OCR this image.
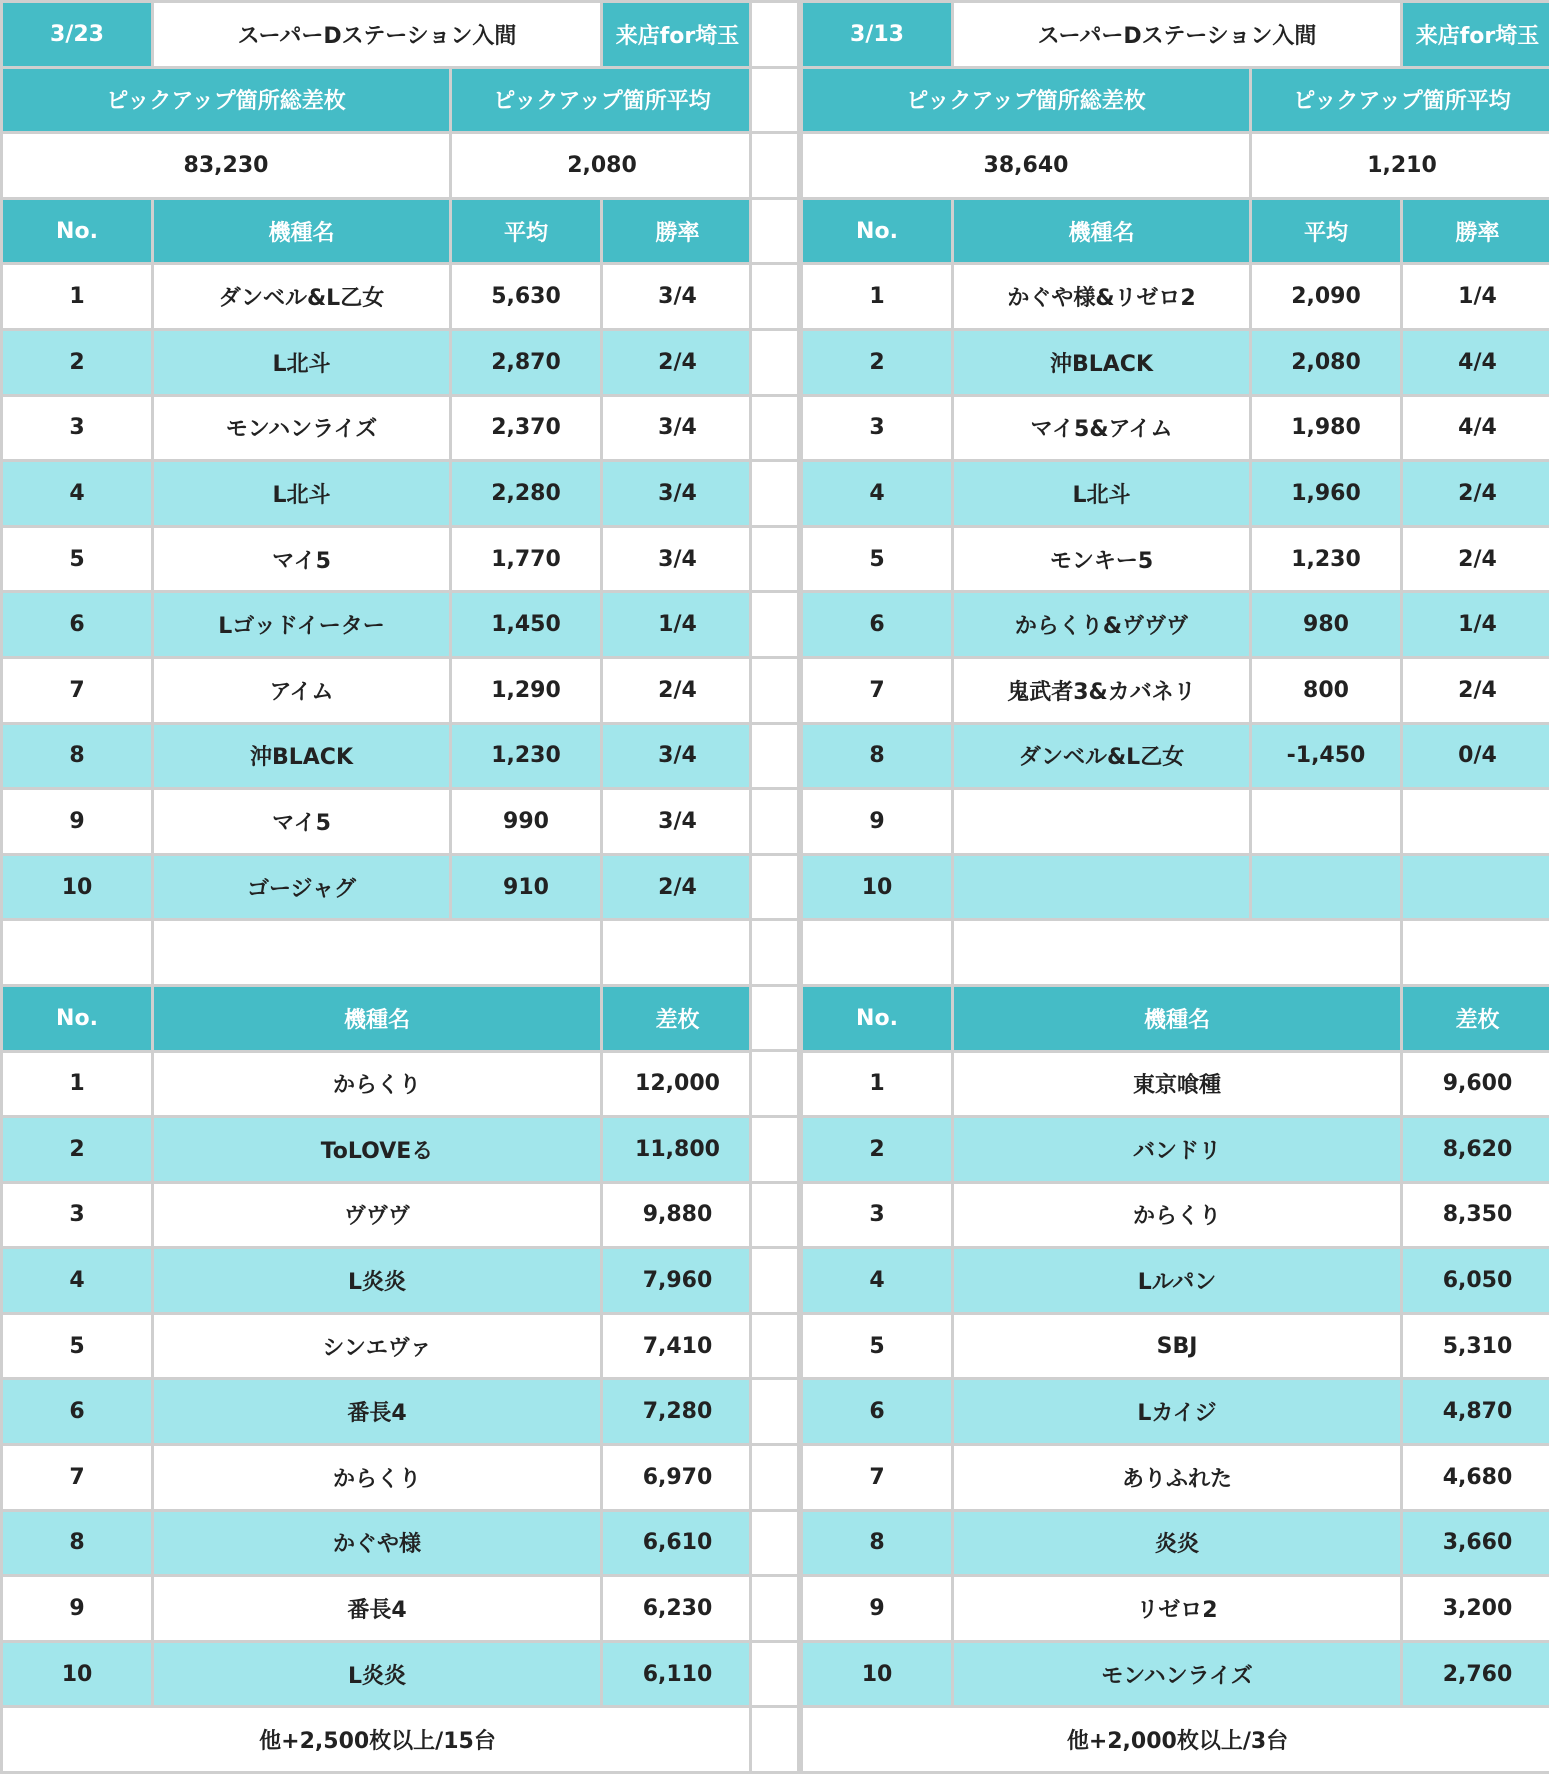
3/23	スーパーDステーション入間	来店for埼玉
ピックアップ箇所総差枚	ピックアップ箇所平均
83,230	2,080
No.	機種名	平均	勝率
1	ダンベル&L乙女	5,630	3/4
2	L北斗	2,870	2/4
3	モンハンライズ	2,370	3/4
4	L北斗	2,280	3/4
5	マイ5	1,770	3/4
6	Lゴッドイーター	1,450	1/4
7	アイム	1,290	2/4
8	沖BLACK	1,230	3/4
9	マイ5	990	3/4
10	ゴージャグ	910	2/4
No.	機種名	差枚
1	からくり	12,000
2	ToLOVEる	11,800
3	ヴヴヴ	9,880
4	L炎炎	7,960
5	シンエヴァ	7,410
6	番長4	7,280
7	からくり	6,970
8	かぐや様	6,610
9	番長4	6,230
10	L炎炎	6,110
他+2,500枚以上/15台
3/13	スーパーDステーション入間	来店for埼玉
ピックアップ箇所総差枚	ピックアップ箇所平均
38,640	1,210
No.	機種名	平均	勝率
1	かぐや様&リゼロ2	2,090	1/4
2	沖BLACK	2,080	4/4
3	マイ5&アイム	1,980	4/4
4	L北斗	1,960	2/4
5	モンキー5	1,230	2/4
6	からくり&ヴヴヴ	980	1/4
7	鬼武者3&カバネリ	800	2/4
8	ダンベル&L乙女	-1,450	0/4
9
10
No.	機種名	差枚
1	東京喰種	9,600
2	バンドリ	8,620
3	からくり	8,350
4	Lルパン	6,050
5	SBJ	5,310
6	Lカイジ	4,870
7	ありふれた	4,680
8	炎炎	3,660
9	リゼロ2	3,200
10	モンハンライズ	2,760
他+2,000枚以上/3台
